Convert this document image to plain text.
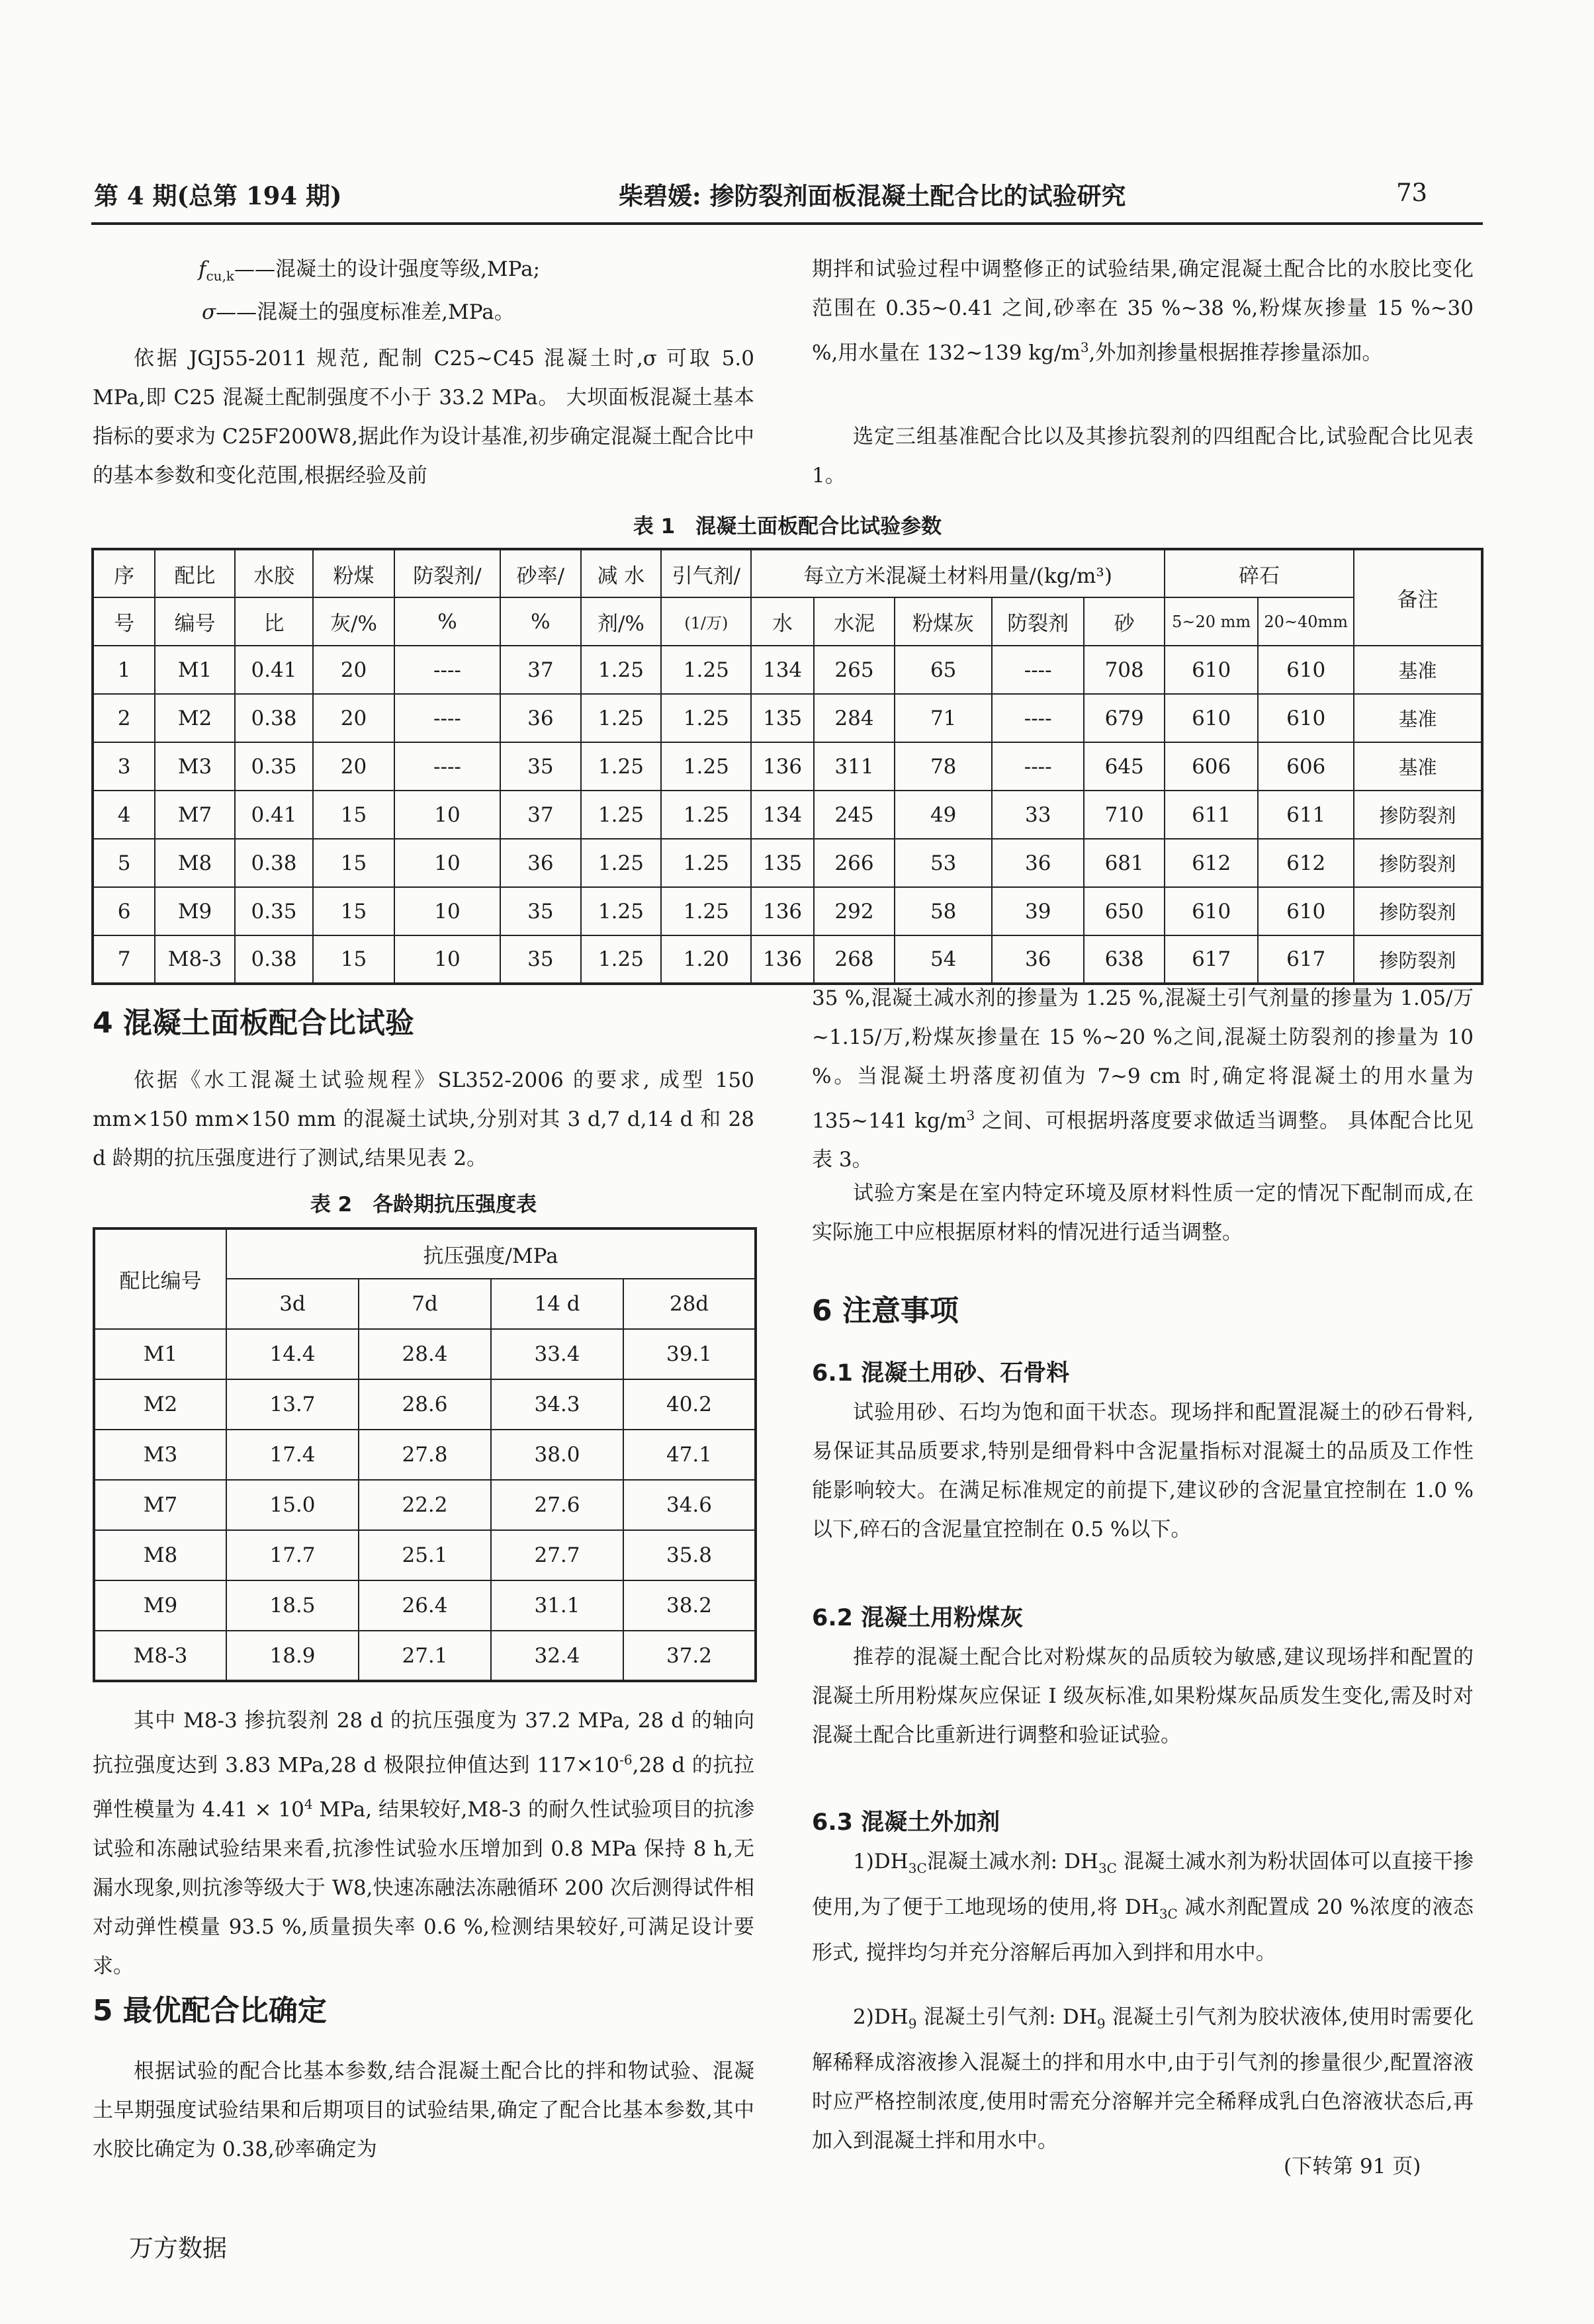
第 4 期(总第 194 期)	柴碧媛: 掺防裂剂面板混凝土配合比的试验研究	73
$f_{cu,k}——$混凝土的设计强度等级,MPa;
σ——混凝土的强度标准差,MPa。
依据 JGJ55-2011 规范, 配制 C25~C45 混凝土时,σ 可取 5.0 MPa,即 C25 混凝土配制强度不小于 33.2 MPa。 大坝面板混凝土基本指标的要求为 C25F200W8,据此作为设计基准,初步确定混凝土配合比中的基本参数和变化范围,根据经验及前
期拌和试验过程中调整修正的试验结果,确定混凝土配合比的水胶比变化范围在 0.35~0.41 之间,砂率在 35 %~38 %,粉煤灰掺量 15 %~30 %,用水量在 132~139 $kg/m^3$,外加剂掺量根据推荐掺量添加。
选定三组基准配合比以及其掺抗裂剂的四组配合比,试验配合比见表 1。
表 1　混凝土面板配合比试验参数
序	配比	水胶	粉煤	防裂剂/	砂率/	减 水	引气剂/	每立方米混凝土材料用量/(kg/m³)					碎石		备注
号	编号	比	灰/%	%	%	剂/%	(1/万)	水	水泥	粉煤灰	防裂剂	砂	5~20 mm	20~40mm	
1	M1	0.41	20	----	37	1.25	1.25	134	265	65	----	708	610	610	基准
2	M2	0.38	20	----	36	1.25	1.25	135	284	71	----	679	610	610	基准
3	M3	0.35	20	----	35	1.25	1.25	136	311	78	----	645	606	606	基准
4	M7	0.41	15	10	37	1.25	1.25	134	245	49	33	710	611	611	掺防裂剂
5	M8	0.38	15	10	36	1.25	1.25	135	266	53	36	681	612	612	掺防裂剂
6	M9	0.35	15	10	35	1.25	1.25	136	292	58	39	650	610	610	掺防裂剂
7	M8-3	0.38	15	10	35	1.25	1.20	136	268	54	36	638	617	617	掺防裂剂
4 混凝土面板配合比试验
依据《水工混凝土试验规程》SL352-2006 的要求, 成型 150 mm×150 mm×150 mm 的混凝土试块,分别对其 3 d,7 d,14 d 和 28 d 龄期的抗压强度进行了测试,结果见表 2。
表 2　各龄期抗压强度表
配比编号	抗压强度/MPa			
	3d	7d	14 d	28d
M1	14.4	28.4	33.4	39.1
M2	13.7	28.6	34.3	40.2
M3	17.4	27.8	38.0	47.1
M7	15.0	22.2	27.6	34.6
M8	17.7	25.1	27.7	35.8
M9	18.5	26.4	31.1	38.2
M8-3	18.9	27.1	32.4	37.2
其中 M8-3 掺抗裂剂 28 d 的抗压强度为 37.2 MPa, 28 d 的轴向抗拉强度达到 3.83 MPa,28 d 极限拉伸值达到 $117\times 10^{-6},28$ d 的抗拉弹性模量为 $4.41 \times 10^4$ MPa, 结果较好,M8-3 的耐久性试验项目的抗渗试验和冻融试验结果来看,抗渗性试验水压增加到 0.8 MPa 保持 8 h,无漏水现象,则抗渗等级大于 W8,快速冻融法冻融循环 200 次后测得试件相对动弹性模量 93.5 %,质量损失率 0.6 %,检测结果较好,可满足设计要求。
5 最优配合比确定
根据试验的配合比基本参数,结合混凝土配合比的拌和物试验、混凝土早期强度试验结果和后期项目的试验结果,确定了配合比基本参数,其中水胶比确定为 0.38,砂率确定为
35 %,混凝土减水剂的掺量为 1.25 %,混凝土引气剂量的掺量为 1.05/万~1.15/万,粉煤灰掺量在 15 %~20 %之间,混凝土防裂剂的掺量为 10 %。当混凝土坍落度初值为 7~9 cm 时,确定将混凝土的用水量为 135~141 $kg/m^3$ 之间、可根据坍落度要求做适当调整。 具体配合比见表 3。
试验方案是在室内特定环境及原材料性质一定的情况下配制而成,在实际施工中应根据原材料的情况进行适当调整。
6 注意事项
6.1 混凝土用砂、石骨料
试验用砂、石均为饱和面干状态。现场拌和配置混凝土的砂石骨料,易保证其品质要求,特别是细骨料中含泥量指标对混凝土的品质及工作性能影响较大。在满足标准规定的前提下,建议砂的含泥量宜控制在 1.0 %以下,碎石的含泥量宜控制在 0.5 %以下。
6.2 混凝土用粉煤灰
推荐的混凝土配合比对粉煤灰的品质较为敏感,建议现场拌和配置的混凝土所用粉煤灰应保证 I 级灰标准,如果粉煤灰品质发生变化,需及时对混凝土配合比重新进行调整和验证试验。
6.3 混凝土外加剂
$1)DH_{3C}$混凝土减水剂: $DH_{3C}$ 混凝土减水剂为粉状固体可以直接干掺使用,为了便于工地现场的使用,将 $DH_{3C}$ 减水剂配置成 20 %浓度的液态形式, 搅拌均匀并充分溶解后再加入到拌和用水中。
$2)DH_9$ 混凝土引气剂: $DH_9$ 混凝土引气剂为胶状液体,使用时需要化解稀释成溶液掺入混凝土的拌和用水中,由于引气剂的掺量很少,配置溶液时应严格控制浓度,使用时需充分溶解并完全稀释成乳白色溶液状态后,再加入到混凝土拌和用水中。
(下转第 91 页)
万方数据
